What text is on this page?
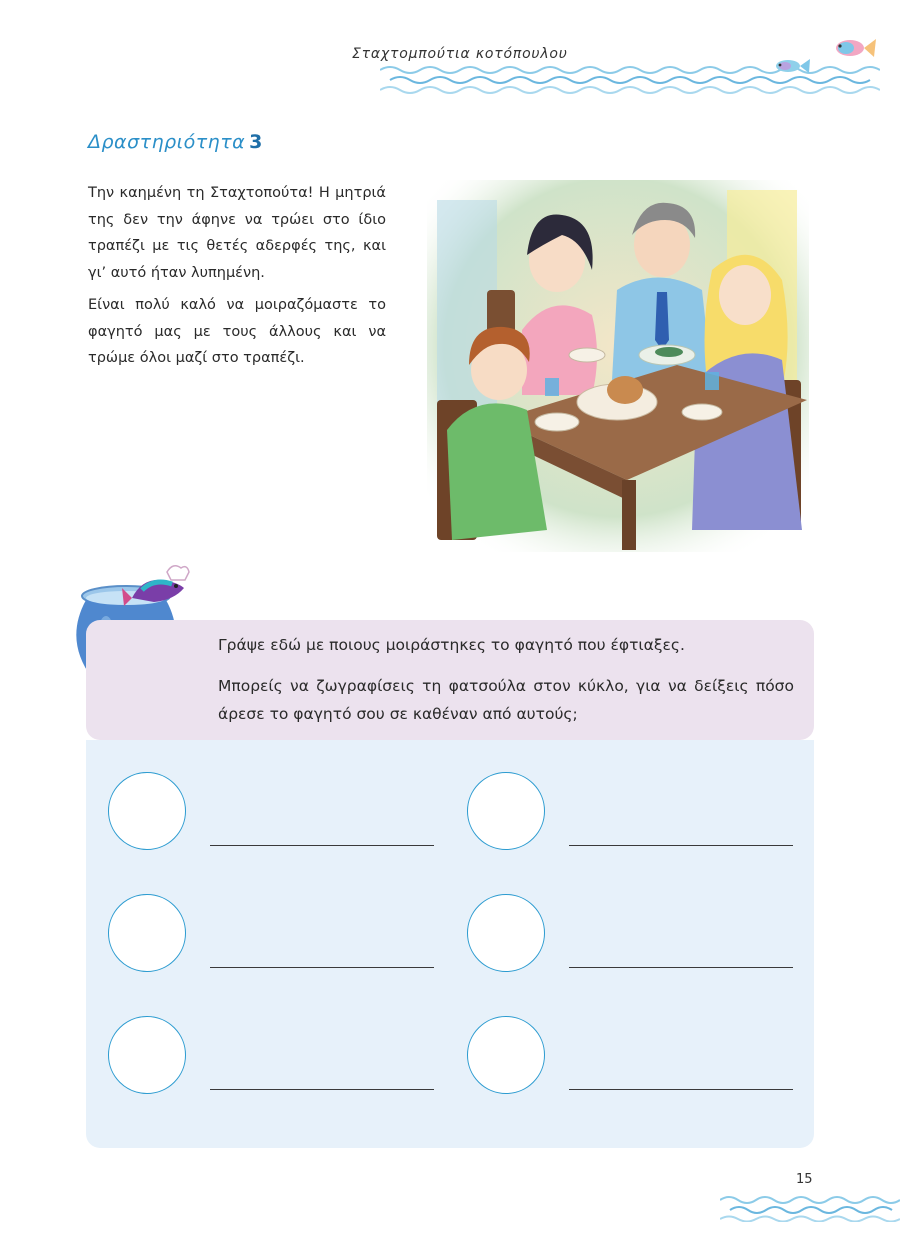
Σταχτομπούτια κοτόπουλου
Δραστηριότητα 3

Την καημένη τη Σταχτοπούτα! Η μητριά της δεν την άφηνε να τρώει στο ίδιο τραπέζι με τις θετές αδερφές της, και γι’ αυτό ήταν λυπημένη.

Είναι πολύ καλό να μοιραζόμαστε το φαγητό μας με τους άλλους και να τρώμε όλοι μαζί στο τραπέζι.

Γράψε εδώ με ποιους μοιράστηκες το φαγητό που έφτιαξες.
Μπορείς να ζωγραφίσεις τη φατσούλα στον κύκλο, για να δείξεις πόσο άρεσε το φαγητό σου σε καθέναν από αυτούς;
15
